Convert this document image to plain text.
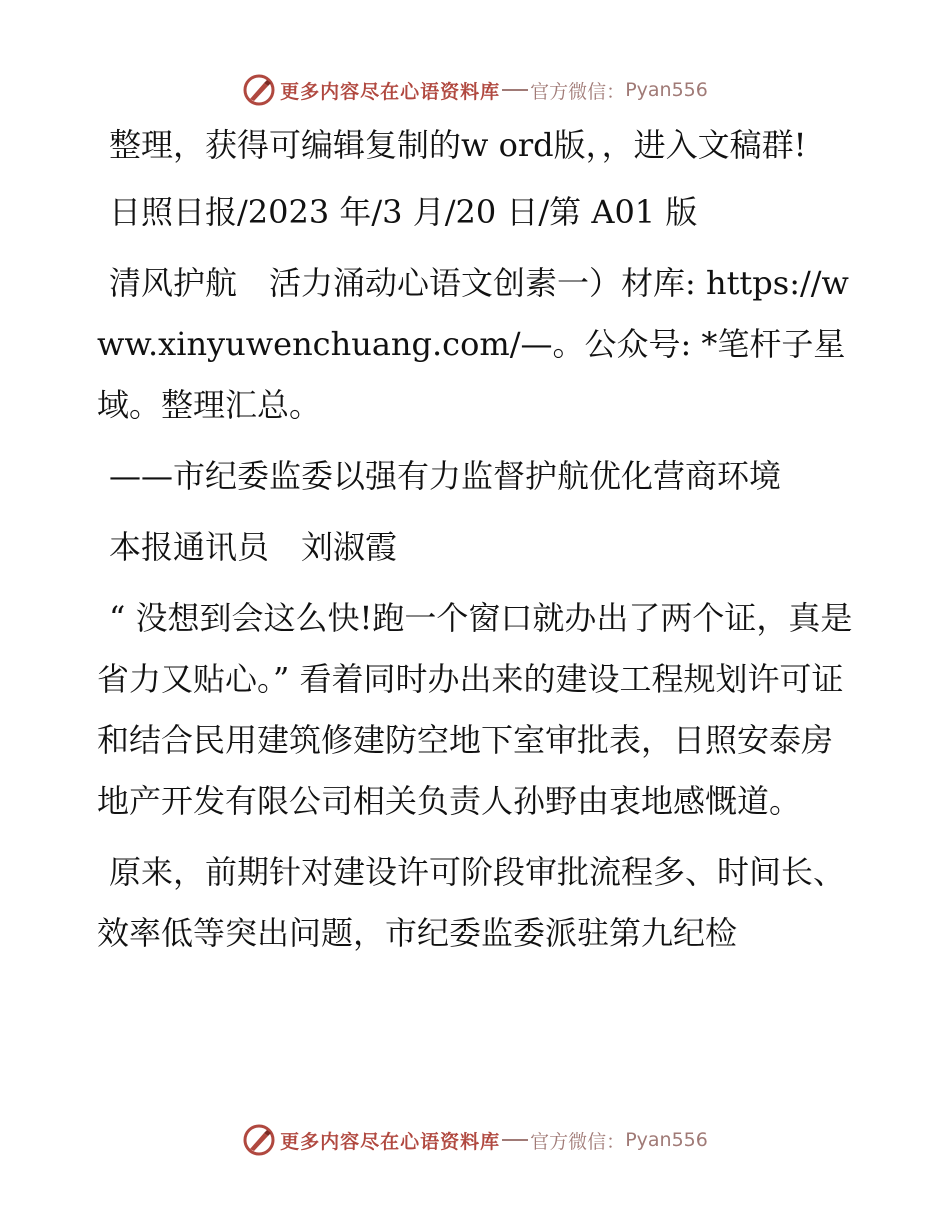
更多内容尽在心语资料库 官方微信： Pyan556

整理，获得可编辑复制的w ord版，，进入文稿群!

日照日报/2023 年/3 月/20 日/第 A01 版

清风护航　活力涌动心语文创素一）材库: https://www.xinyuwenchuang.com/—。公众号: *笔杆子星域。整理汇总。

——市纪委监委以强有力监督护航优化营商环境

本报通讯员　刘淑霞

“ 没想到会这么快!跑一个窗口就办出了两个证，真是省力又贴心。” 看着同时办出来的建设工程规划许可证和结合民用建筑修建防空地下室审批表，日照安泰房地产开发有限公司相关负责人孙野由衷地感慨道。

原来，前期针对建设许可阶段审批流程多、时间长、效率低等突出问题，市纪委监委派驻第九纪检

更多内容尽在心语资料库 官方微信： Pyan556
